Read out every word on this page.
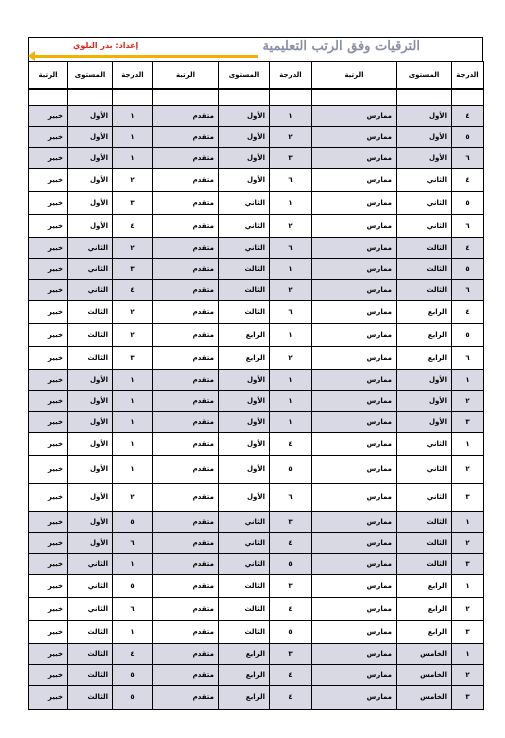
الترقيات وفق الرتب التعليمية
إعداد: بدر البلوي
الدرجة	المستوى	الرتبة	الدرجة	المستوى	الرتبة	الدرجة	المستوى	الرتبة

٤	الأول	ممارس	١	الأول	متقدم	١	الأول	خبير
٥	الأول	ممارس	٢	الأول	متقدم	١	الأول	خبير
٦	الأول	ممارس	٣	الأول	متقدم	١	الأول	خبير
٤	الثاني	ممارس	٦	الأول	متقدم	٢	الأول	خبير
٥	الثاني	ممارس	١	الثاني	متقدم	٣	الأول	خبير
٦	الثاني	ممارس	٢	الثاني	متقدم	٤	الأول	خبير
٤	الثالث	ممارس	٦	الثاني	متقدم	٢	الثاني	خبير
٥	الثالث	ممارس	١	الثالث	متقدم	٣	الثاني	خبير
٦	الثالث	ممارس	٢	الثالث	متقدم	٤	الثاني	خبير
٤	الرابع	ممارس	٦	الثالث	متقدم	٢	الثالث	خبير
٥	الرابع	ممارس	١	الرابع	متقدم	٢	الثالث	خبير
٦	الرابع	ممارس	٢	الرابع	متقدم	٣	الثالث	خبير
١	الأول	ممارس	١	الأول	متقدم	١	الأول	خبير
٢	الأول	ممارس	١	الأول	متقدم	١	الأول	خبير
٣	الأول	ممارس	١	الأول	متقدم	١	الأول	خبير
١	الثاني	ممارس	٤	الأول	متقدم	١	الأول	خبير
٢	الثاني	ممارس	٥	الأول	متقدم	١	الأول	خبير
٣	الثاني	ممارس	٦	الأول	متقدم	٢	الأول	خبير
١	الثالث	ممارس	٣	الثاني	متقدم	٥	الأول	خبير
٢	الثالث	ممارس	٤	الثاني	متقدم	٦	الأول	خبير
٣	الثالث	ممارس	٥	الثاني	متقدم	١	الثاني	خبير
١	الرابع	ممارس	٣	الثالث	متقدم	٥	الثاني	خبير
٢	الرابع	ممارس	٤	الثالث	متقدم	٦	الثاني	خبير
٣	الرابع	ممارس	٥	الثالث	متقدم	١	الثالث	خبير
١	الخامس	ممارس	٣	الرابع	متقدم	٤	الثالث	خبير
٢	الخامس	ممارس	٤	الرابع	متقدم	٥	الثالث	خبير
٣	الخامس	ممارس	٤	الرابع	متقدم	٥	الثالث	خبير
